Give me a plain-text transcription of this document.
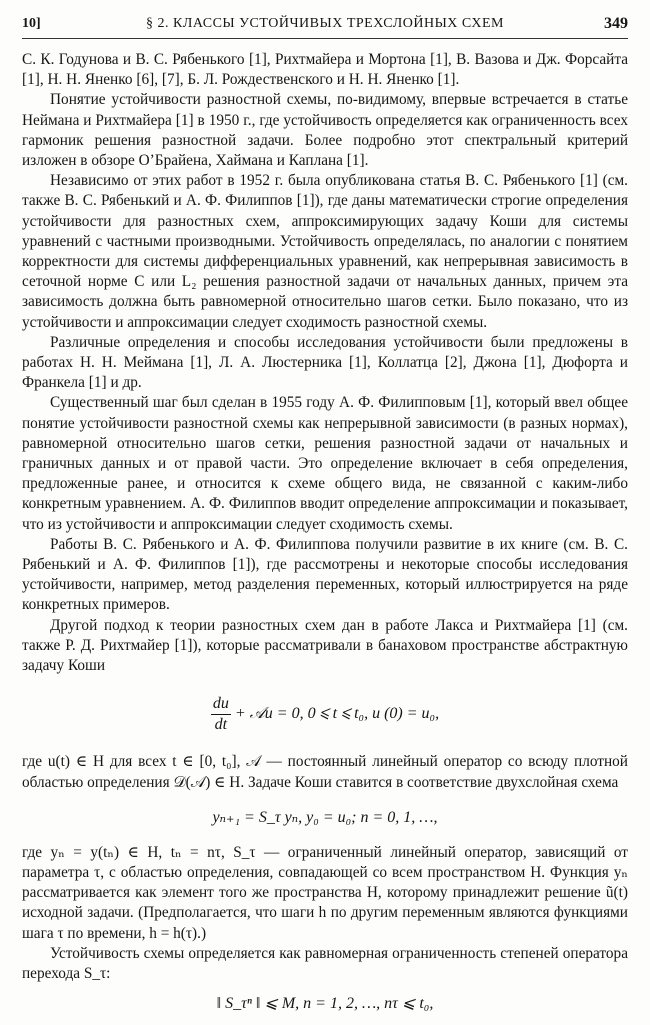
10]	§ 2. КЛАССЫ УСТОЙЧИВЫХ ТРЕХСЛОЙНЫХ СХЕМ	349

С. К. Годунова и В. С. Рябенького [1], Рихтмайера и Мортона [1], В. Вазова и Дж. Форсайта [1], Н. Н. Яненко [6], [7], Б. Л. Рождественского и Н. Н. Яненко [1].

Понятие устойчивости разностной схемы, по-видимому, впервые встречается в статье Неймана и Рихтмайера [1] в 1950 г., где устойчивость определяется как ограниченность всех гармоник решения разностной задачи. Более подробно этот спектральный критерий изложен в обзоре О’Брайена, Хаймана и Каплана [1].

Независимо от этих работ в 1952 г. была опубликована статья В. С. Рябенького [1] (см. также В. С. Рябенький и А. Ф. Филиппов [1]), где даны математически строгие определения устойчивости для разностных схем, аппроксимирующих задачу Коши для системы уравнений с частными производными. Устойчивость определялась, по аналогии с понятием корректности для системы дифференциальных уравнений, как непрерывная зависимость в сеточной норме C или L₂ решения разностной задачи от начальных данных, причем эта зависимость должна быть равномерной относительно шагов сетки. Было показано, что из устойчивости и аппроксимации следует сходимость разностной схемы.

Различные определения и способы исследования устойчивости были предложены в работах Н. Н. Меймана [1], Л. А. Люстерника [1], Коллатца [2], Джона [1], Дюфорта и Франкела [1] и др.

Существенный шаг был сделан в 1955 году А. Ф. Филипповым [1], который ввел общее понятие устойчивости разностной схемы как непрерывной зависимости (в разных нормах), равномерной относительно шагов сетки, решения разностной задачи от начальных и граничных данных и от правой части. Это определение включает в себя определения, предложенные ранее, и относится к схеме общего вида, не связанной с каким-либо конкретным уравнением. А. Ф. Филиппов вводит определение аппроксимации и показывает, что из устойчивости и аппроксимации следует сходимость схемы.

Работы В. С. Рябенького и А. Ф. Филиппова получили развитие в их книге (см. В. С. Рябенький и А. Ф. Филиппов [1]), где рассмотрены и некоторые способы исследования устойчивости, например, метод разделения переменных, который иллюстрируется на ряде конкретных примеров.

Другой подход к теории разностных схем дан в работе Лакса и Рихтмайера [1] (см. также Р. Д. Рихтмайер [1]), которые рассматривали в банаховом пространстве абстрактную задачу Коши

$\frac{du}{dt}$ + 𝒜u = 0, 0 ⩽ t ⩽ t₀, u (0) = u₀,

где u(t) ∈ H для всех t ∈ [0, t₀], 𝒜 — постоянный линейный оператор со всюду плотной областью определения 𝒟(𝒜) ∈ H. Задаче Коши ставится в соответствие двухслойная схема

yₙ₊₁ = S_τ yₙ, y₀ = u₀; n = 0, 1, …,

где yₙ = y(tₙ) ∈ H, tₙ = nτ, S_τ — ограниченный линейный оператор, зависящий от параметра τ, с областью определения, совпадающей со всем пространством H. Функция yₙ рассматривается как элемент того же пространства H, которому принадлежит решение ũ(t) исходной задачи. (Предполагается, что шаги h по другим переменным являются функциями шага τ по времени, h = h(τ).)

Устойчивость схемы определяется как равномерная ограниченность степеней оператора перехода S_τ:

‖ S_τⁿ ‖ ⩽ M, n = 1, 2, …, nτ ⩽ t₀,
